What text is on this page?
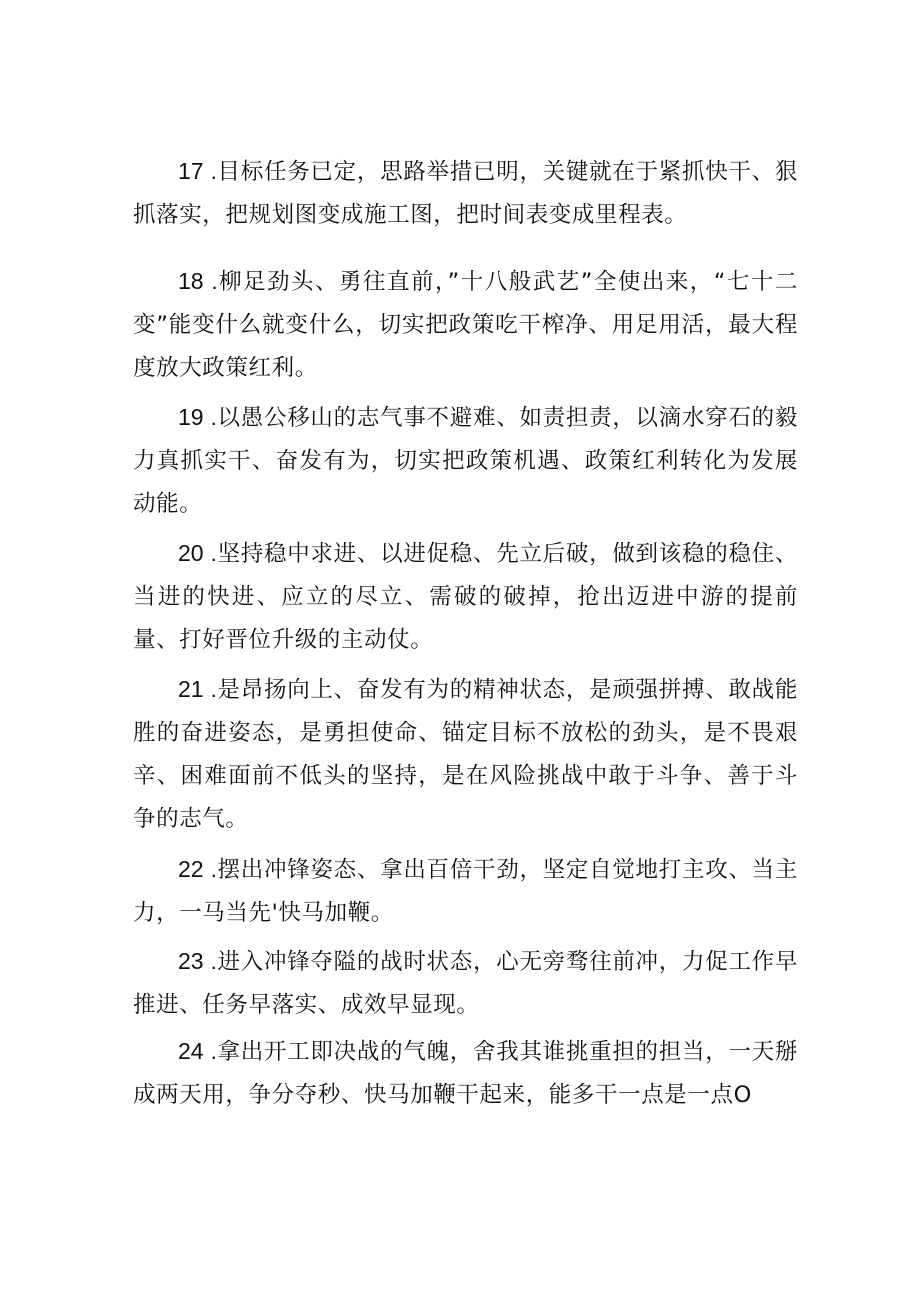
17 .目标任务已定，思路举措已明，关键就在于紧抓快干、狠抓落实，把规划图变成施工图，把时间表变成里程表。

18 .柳足劲头、勇往直前，”十八般武艺”全使出来，“七十二变”能变什么就变什么，切实把政策吃干榨净、用足用活，最大程度放大政策红利。

19 .以愚公移山的志气事不避难、如责担责，以滴水穿石的毅力真抓实干、奋发有为，切实把政策机遇、政策红利转化为发展动能。

20 .坚持稳中求进、以进促稳、先立后破，做到该稳的稳住、当进的快进、应立的尽立、需破的破掉，抢出迈进中游的提前量、打好晋位升级的主动仗。

21 .是昂扬向上、奋发有为的精神状态，是顽强拼搏、敢战能胜的奋进姿态，是勇担使命、锚定目标不放松的劲头，是不畏艰辛、困难面前不低头的坚持，是在风险挑战中敢于斗争、善于斗争的志气。

22 .摆出冲锋姿态、拿出百倍干劲，坚定自觉地打主攻、当主力，一马当先'快马加鞭。

23 .进入冲锋夺隘的战时状态，心无旁骛往前冲，力促工作早推进、任务早落实、成效早显现。

24 .拿出开工即决战的气魄，舍我其谁挑重担的担当，一天掰成两天用，争分夺秒、快马加鞭干起来，能多干一点是一点O
